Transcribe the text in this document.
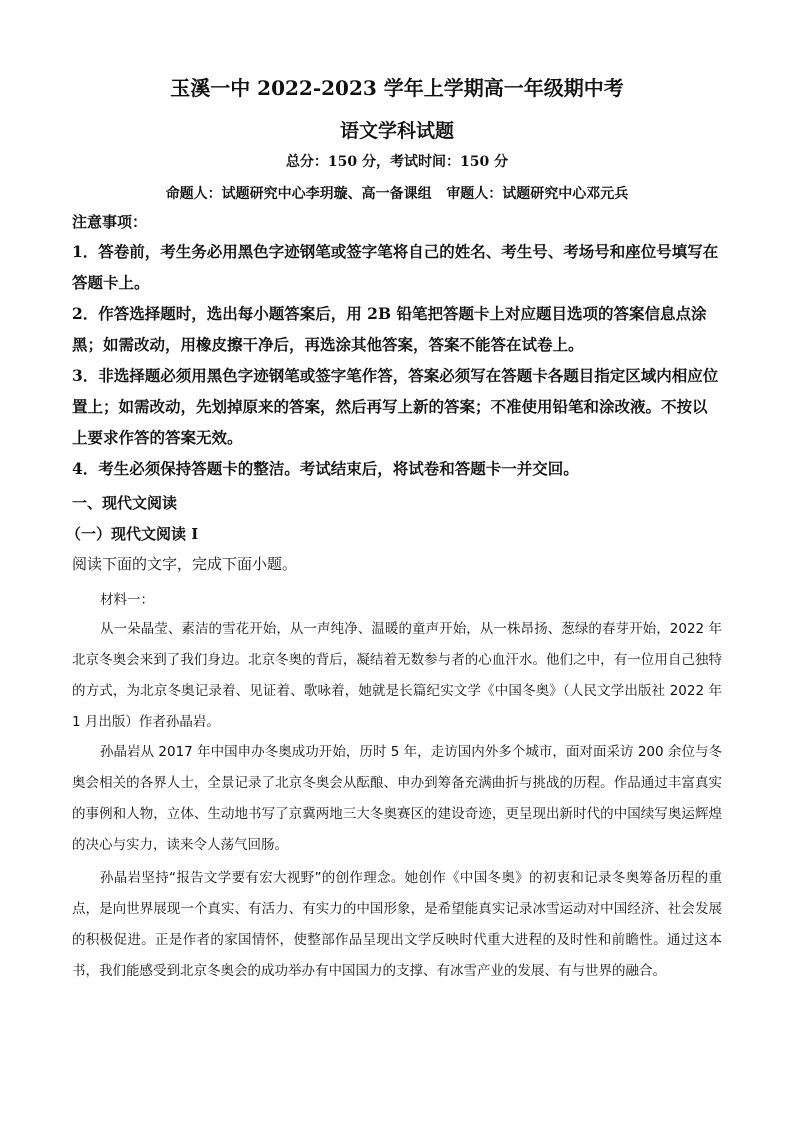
玉溪一中 2022-2023 学年上学期高一年级期中考
语文学科试题
总分：150 分，考试时间：150 分
命题人：试题研究中心李玥璇、高一备课组 审题人：试题研究中心邓元兵
注意事项：
1．答卷前，考生务必用黑色字迹钢笔或签字笔将自己的姓名、考生号、考场号和座位号填写在答题卡上。
2．作答选择题时，选出每小题答案后，用 2B 铅笔把答题卡上对应题目选项的答案信息点涂黑；如需改动，用橡皮擦干净后，再选涂其他答案，答案不能答在试卷上。
3．非选择题必须用黑色字迹钢笔或签字笔作答，答案必须写在答题卡各题目指定区域内相应位置上；如需改动，先划掉原来的答案，然后再写上新的答案；不准使用铅笔和涂改液。不按以上要求作答的答案无效。
4．考生必须保持答题卡的整洁。考试结束后，将试卷和答题卡一并交回。
一、现代文阅读
（一）现代文阅读 I
阅读下面的文字，完成下面小题。
材料一：
从一朵晶莹、素洁的雪花开始，从一声纯净、温暖的童声开始，从一株昂扬、葱绿的春芽开始，2022 年北京冬奥会来到了我们身边。北京冬奥的背后，凝结着无数参与者的心血汗水。他们之中，有一位用自己独特的方式，为北京冬奥记录着、见证着、歌咏着，她就是长篇纪实文学《中国冬奥》（人民文学出版社 2022 年 1 月出版）作者孙晶岩。
孙晶岩从 2017 年中国申办冬奥成功开始，历时 5 年，走访国内外多个城市，面对面采访 200 余位与冬奥会相关的各界人士，全景记录了北京冬奥会从酝酿、申办到筹备充满曲折与挑战的历程。作品通过丰富真实的事例和人物，立体、生动地书写了京冀两地三大冬奥赛区的建设奇迹，更呈现出新时代的中国续写奥运辉煌的决心与实力，读来令人荡气回肠。
孙晶岩坚持“报告文学要有宏大视野”的创作理念。她创作《中国冬奥》的初衷和记录冬奥筹备历程的重点，是向世界展现一个真实、有活力、有实力的中国形象，是希望能真实记录冰雪运动对中国经济、社会发展的积极促进。正是作者的家国情怀，使整部作品呈现出文学反映时代重大进程的及时性和前瞻性。通过这本书，我们能感受到北京冬奥会的成功举办有中国国力的支撑、有冰雪产业的发展、有与世界的融合。
